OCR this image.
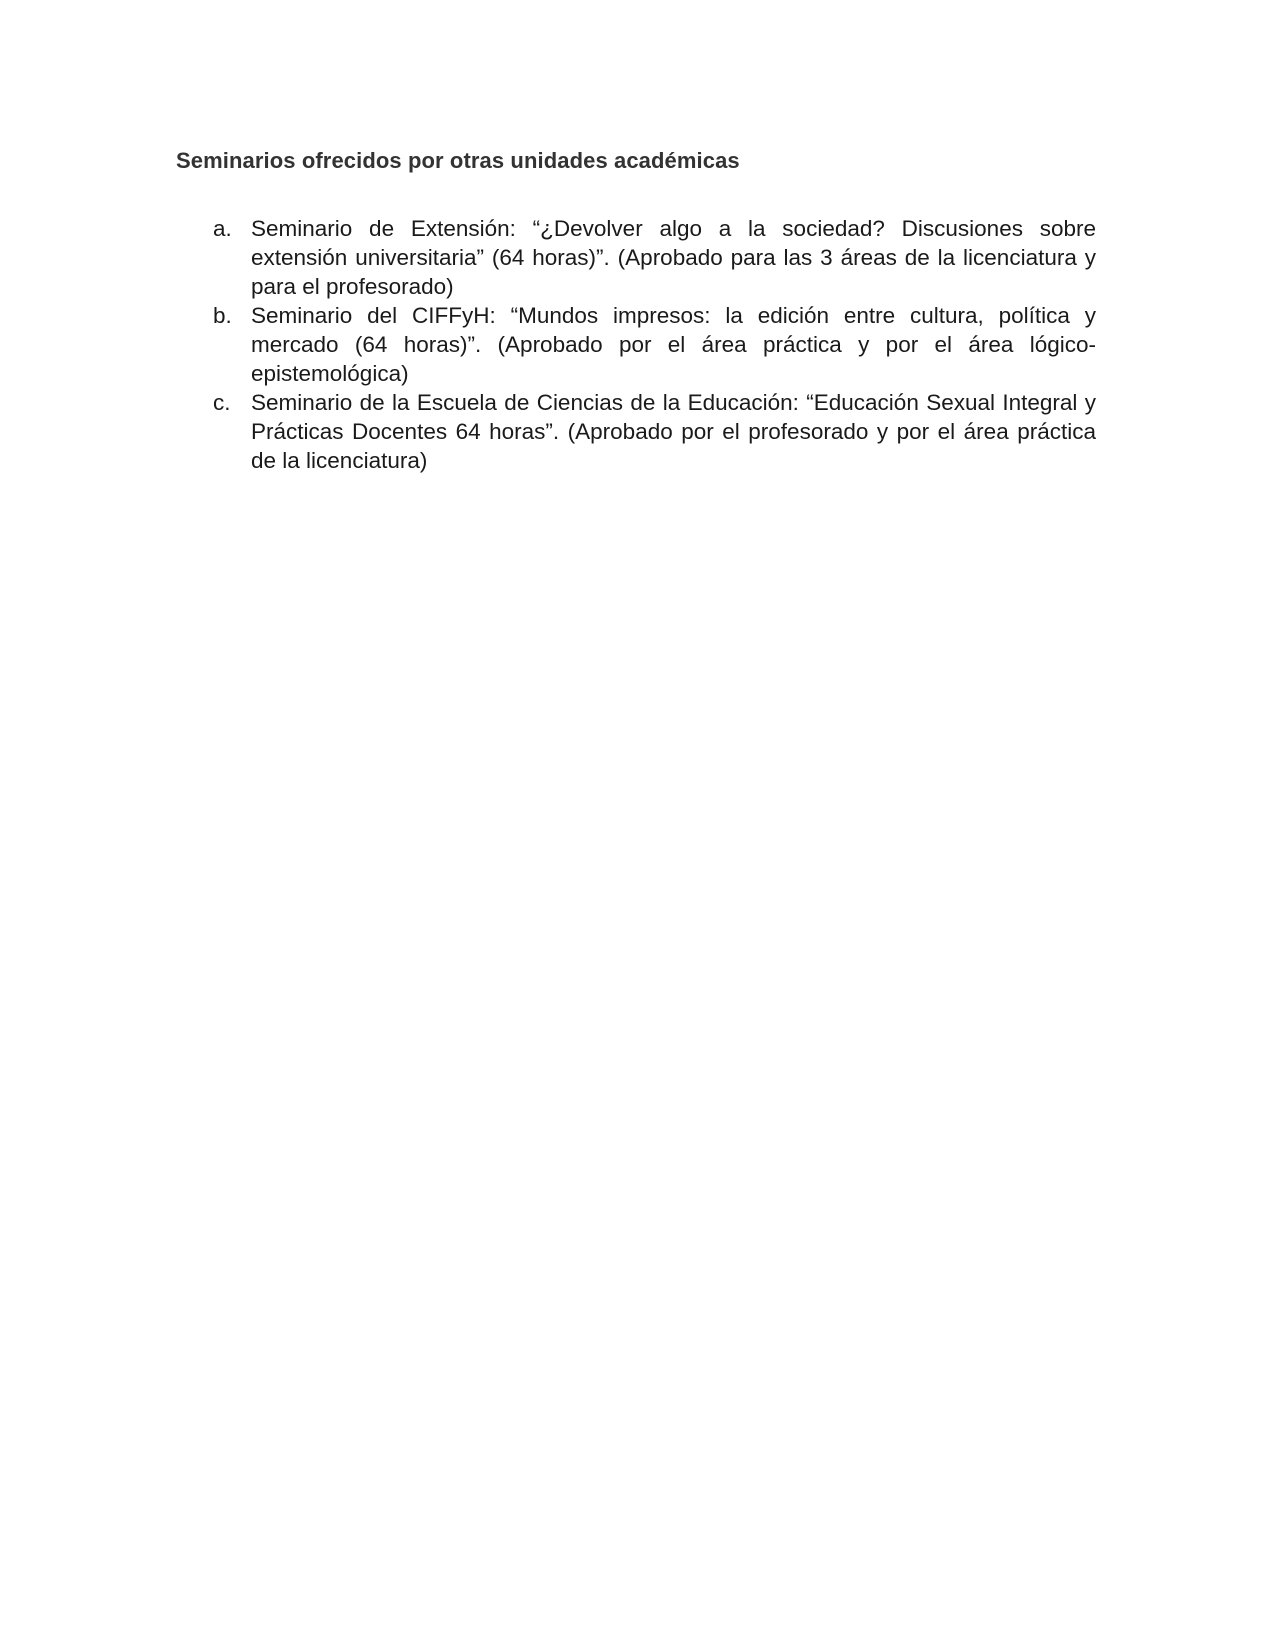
Seminarios ofrecidos por otras unidades académicas
a. Seminario de Extensión: “¿Devolver algo a la sociedad? Discusiones sobre extensión universitaria” (64 horas)”. (Aprobado para las 3 áreas de la licenciatura y para el profesorado)
b. Seminario del CIFFyH: “Mundos impresos: la edición entre cultura, política y mercado (64 horas)”. (Aprobado por el área práctica y por el área lógico-epistemológica)
c. Seminario de la Escuela de Ciencias de la Educación: “Educación Sexual Integral y Prácticas Docentes 64 horas”. (Aprobado por el profesorado y por el área práctica de la licenciatura)
